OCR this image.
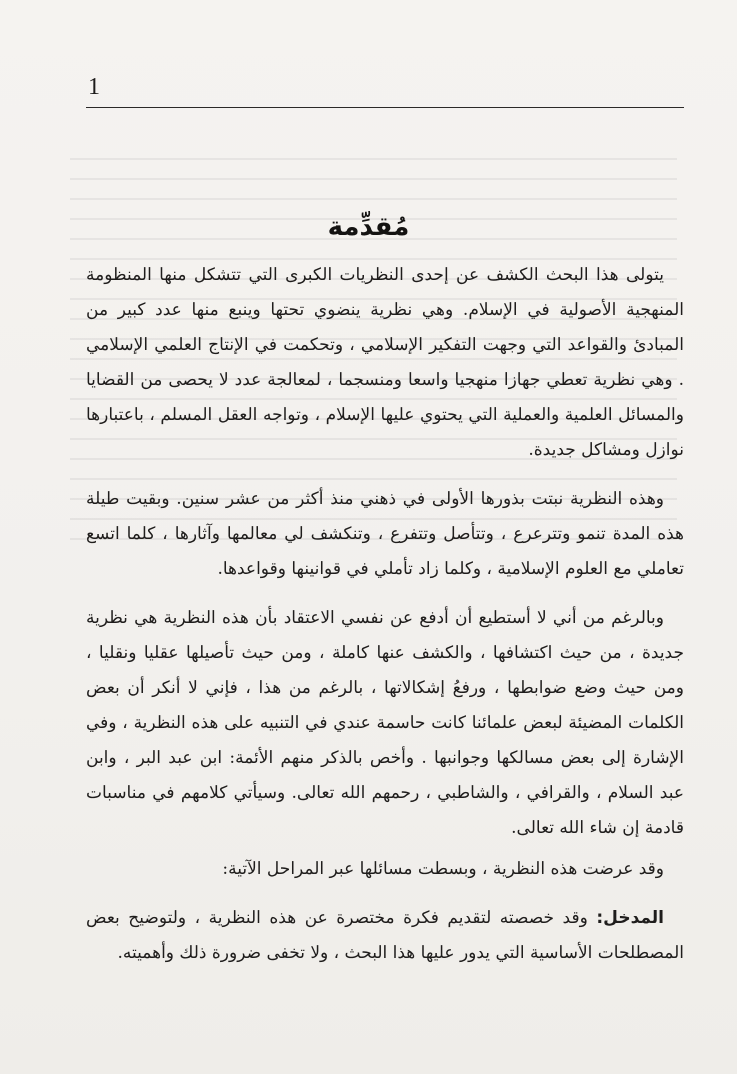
1
مُقدِّمة

يتولى هذا البحث الكشف عن إحدى النظريات الكبرى التي تتشكل منها المنظومة المنهجية الأصولية في الإسلام. وهي نظرية ينضوي تحتها وينبع منها عدد كبير من المبادئ والقواعد التي وجهت التفكير الإسلامي ، وتحكمت في الإنتاج العلمي الإسلامي . وهي نظرية تعطي جهازا منهجيا واسعا ومنسجما ، لمعالجة عدد لا يحصى من القضايا والمسائل العلمية والعملية التي يحتوي عليها الإسلام ، وتواجه العقل المسلم ، باعتبارها نوازل ومشاكل جديدة.

وهذه النظرية نبتت بذورها الأولى في ذهني منذ أكثر من عشر سنين. وبقيت طيلة هذه المدة تنمو وتترعرع ، وتتأصل وتتفرع ، وتنكشف لي معالمها وآثارها ، كلما اتسع تعاملي مع العلوم الإسلامية ، وكلما زاد تأملي في قوانينها وقواعدها.

وبالرغم من أني لا أستطيع أن أدفع عن نفسي الاعتقاد بأن هذه النظرية هي نظرية جديدة ، من حيث اكتشافها ، والكشف عنها كاملة ، ومن حيث تأصيلها عقليا ونقليا ، ومن حيث وضع ضوابطها ، ورفعُ إشكالاتها ، بالرغم من هذا ، فإني لا أنكر أن بعض الكلمات المضيئة لبعض علمائنا كانت حاسمة عندي في التنبيه على هذه النظرية ، وفي الإشارة إلى بعض مسالكها وجوانبها . وأخص بالذكر منهم الأئمة: ابن عبد البر ، وابن عبد السلام ، والقرافي ، والشاطبي ، رحمهم الله تعالى. وسيأتي كلامهم في مناسبات قادمة إن شاء الله تعالى.

وقد عرضت هذه النظرية ، وبسطت مسائلها عبر المراحل الآتية:

المدخل: وقد خصصته لتقديم فكرة مختصرة عن هذه النظرية ، ولتوضيح بعض المصطلحات الأساسية التي يدور عليها هذا البحث ، ولا تخفى ضرورة ذلك وأهميته.
